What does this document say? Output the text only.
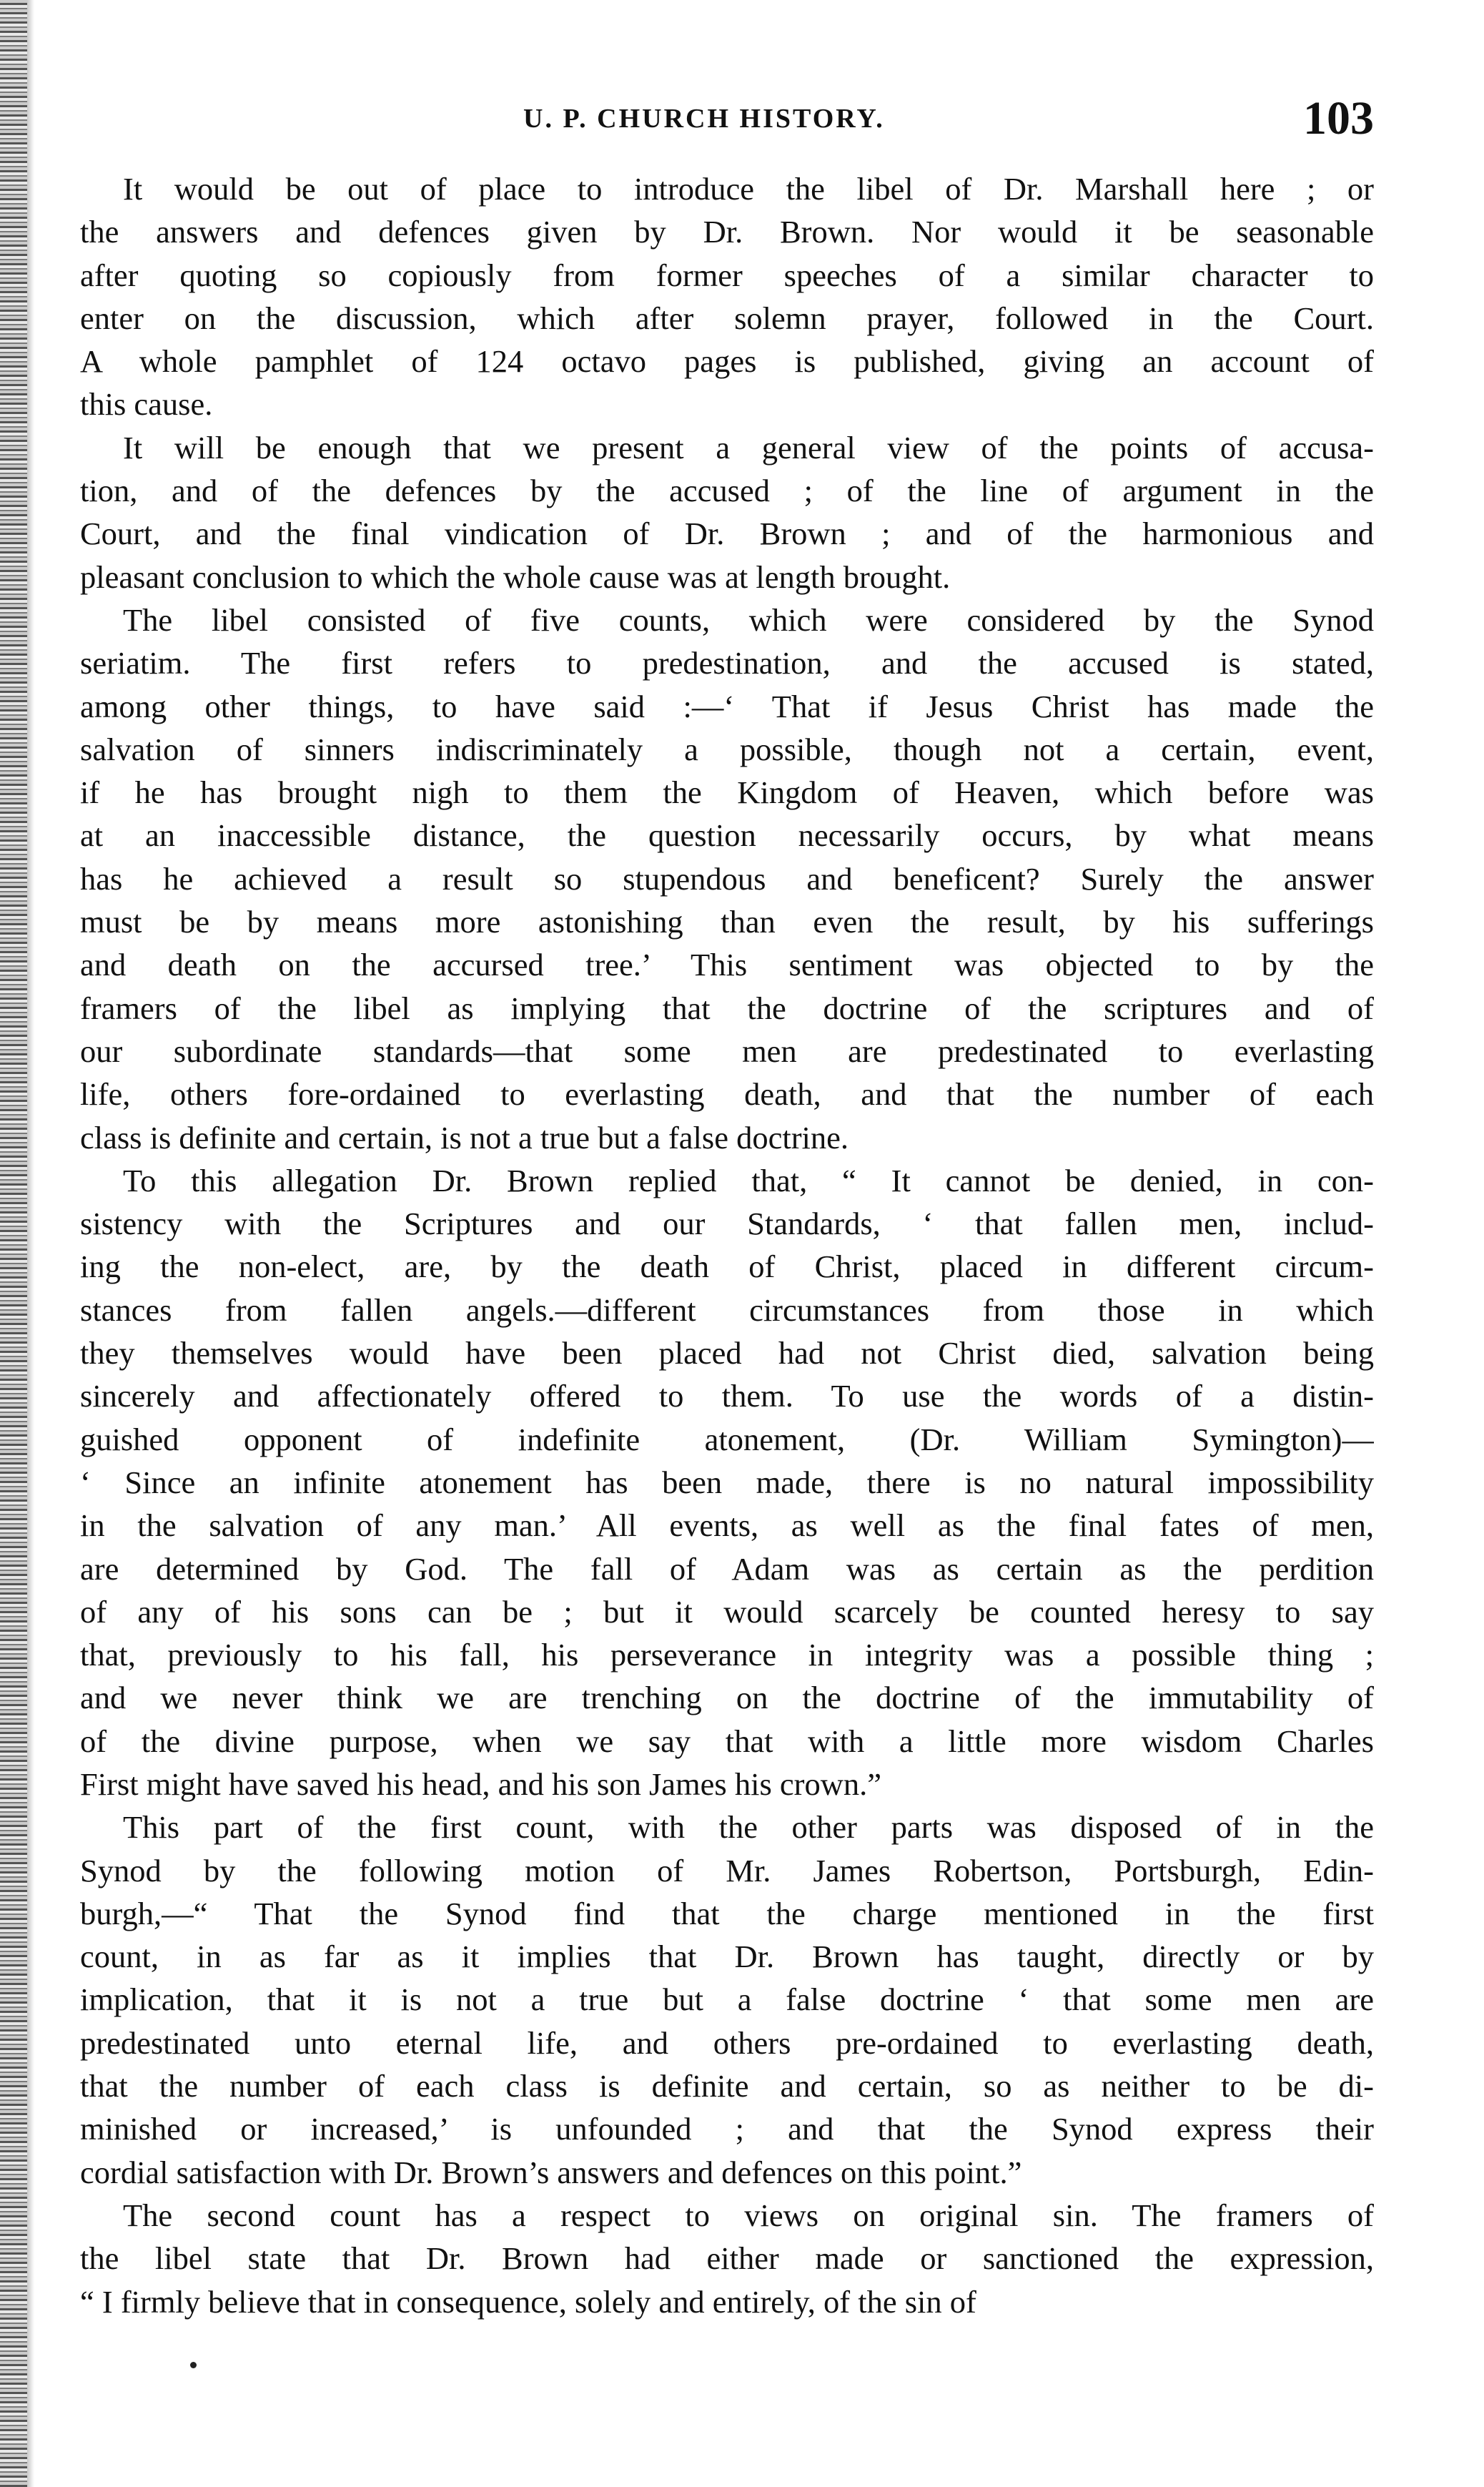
U. P. CHURCH HISTORY.	103
It would be out of place to introduce the libel of Dr. Marshall here ; or
the answers and defences given by Dr. Brown. Nor would it be seasonable
after quoting so copiously from former speeches of a similar character to
enter on the discussion, which after solemn prayer, followed in the Court.
A whole pamphlet of 124 octavo pages is published, giving an account of
this cause.
It will be enough that we present a general view of the points of accusa-
tion, and of the defences by the accused ; of the line of argument in the
Court, and the final vindication of Dr. Brown ; and of the harmonious and
pleasant conclusion to which the whole cause was at length brought.
The libel consisted of five counts, which were considered by the Synod
seriatim. The first refers to predestination, and the accused is stated,
among other things, to have said :—‘ That if Jesus Christ has made the
salvation of sinners indiscriminately a possible, though not a certain, event,
if he has brought nigh to them the Kingdom of Heaven, which before was
at an inaccessible distance, the question necessarily occurs, by what means
has he achieved a result so stupendous and beneficent? Surely the answer
must be by means more astonishing than even the result, by his sufferings
and death on the accursed tree.’ This sentiment was objected to by the
framers of the libel as implying that the doctrine of the scriptures and of
our subordinate standards—that some men are predestinated to everlasting
life, others fore-ordained to everlasting death, and that the number of each
class is definite and certain, is not a true but a false doctrine.
To this allegation Dr. Brown replied that, “ It cannot be denied, in con-
sistency with the Scriptures and our Standards, ‘ that fallen men, includ-
ing the non-elect, are, by the death of Christ, placed in different circum-
stances from fallen angels.—different circumstances from those in which
they themselves would have been placed had not Christ died, salvation being
sincerely and affectionately offered to them. To use the words of a distin-
guished opponent of indefinite atonement, (Dr. William Symington)—
‘ Since an infinite atonement has been made, there is no natural impossibility
in the salvation of any man.’ All events, as well as the final fates of men,
are determined by God. The fall of Adam was as certain as the perdition
of any of his sons can be ; but it would scarcely be counted heresy to say
that, previously to his fall, his perseverance in integrity was a possible thing ;
and we never think we are trenching on the doctrine of the immutability of
of the divine purpose, when we say that with a little more wisdom Charles
First might have saved his head, and his son James his crown.”
This part of the first count, with the other parts was disposed of in the
Synod by the following motion of Mr. James Robertson, Portsburgh, Edin-
burgh,—“ That the Synod find that the charge mentioned in the first
count, in as far as it implies that Dr. Brown has taught, directly or by
implication, that it is not a true but a false doctrine ‘ that some men are
predestinated unto eternal life, and others pre-ordained to everlasting death,
that the number of each class is definite and certain, so as neither to be di-
minished or increased,’ is unfounded ; and that the Synod express their
cordial satisfaction with Dr. Brown’s answers and defences on this point.”
The second count has a respect to views on original sin. The framers of
the libel state that Dr. Brown had either made or sanctioned the expression,
“ I firmly believe that in consequence, solely and entirely, of the sin of
